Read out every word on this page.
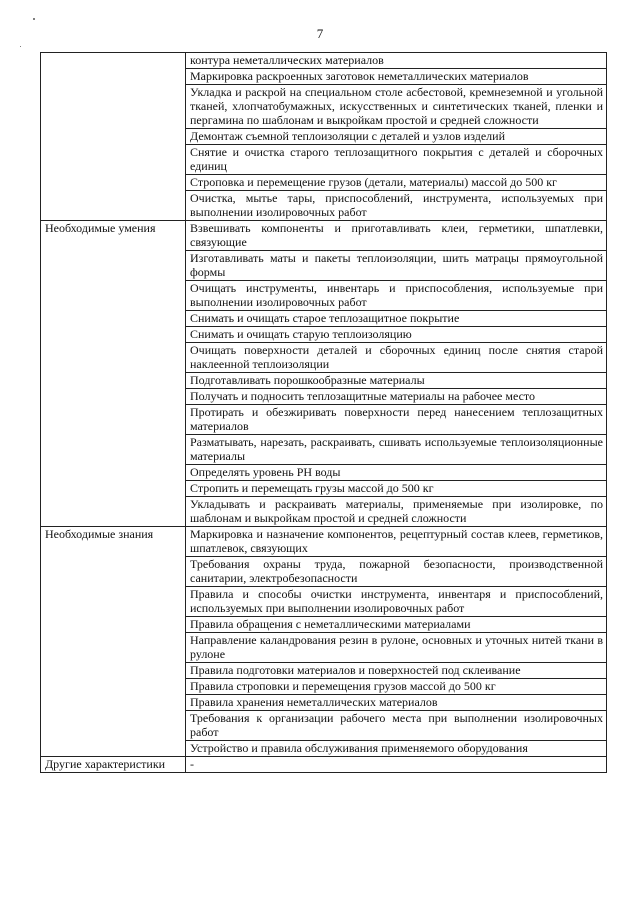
7
	контура неметаллических материалов
	Маркировка раскроенных заготовок неметаллических материалов
	Укладка и раскрой на специальном столе асбестовой, кремнеземной и угольной тканей, хлопчатобумажных, искусственных и синтетических тканей, пленки и пергамина по шаблонам и выкройкам простой и средней сложности
	Демонтаж съемной теплоизоляции с деталей и узлов изделий
	Снятие и очистка старого теплозащитного покрытия с деталей и сборочных единиц
	Строповка и перемещение грузов (детали, материалы) массой до 500 кг
	Очистка, мытье тары, приспособлений, инструмента, используемых при выполнении изолировочных работ
Необходимые умения	Взвешивать компоненты и приготавливать клеи, герметики, шпатлевки, связующие
	Изготавливать маты и пакеты теплоизоляции, шить матрацы прямоугольной формы
	Очищать инструменты, инвентарь и приспособления, используемые при выполнении изолировочных работ
	Снимать и очищать старое теплозащитное покрытие
	Снимать и очищать старую теплоизоляцию
	Очищать поверхности деталей и сборочных единиц после снятия старой наклеенной теплоизоляции
	Подготавливать порошкообразные материалы
	Получать и подносить теплозащитные материалы на рабочее место
	Протирать и обезжиривать поверхности перед нанесением теплозащитных материалов
	Разматывать, нарезать, раскраивать, сшивать используемые теплоизоляционные материалы
	Определять уровень РН воды
	Стропить и перемещать грузы массой до 500 кг
	Укладывать и раскраивать материалы, применяемые при изолировке, по шаблонам и выкройкам простой и средней сложности
Необходимые знания	Маркировка и назначение компонентов, рецептурный состав клеев, герметиков, шпатлевок, связующих
	Требования охраны труда, пожарной безопасности, производственной санитарии, электробезопасности
	Правила и способы очистки инструмента, инвентаря и приспособлений, используемых при выполнении изолировочных работ
	Правила обращения с неметаллическими материалами
	Направление каландрования резин в рулоне, основных и уточных нитей ткани в рулоне
	Правила подготовки материалов и поверхностей под склеивание
	Правила строповки и перемещения грузов массой до 500 кг
	Правила хранения неметаллических материалов
	Требования к организации рабочего места при выполнении изолировочных работ
	Устройство и правила обслуживания применяемого оборудования
Другие характеристики	-
